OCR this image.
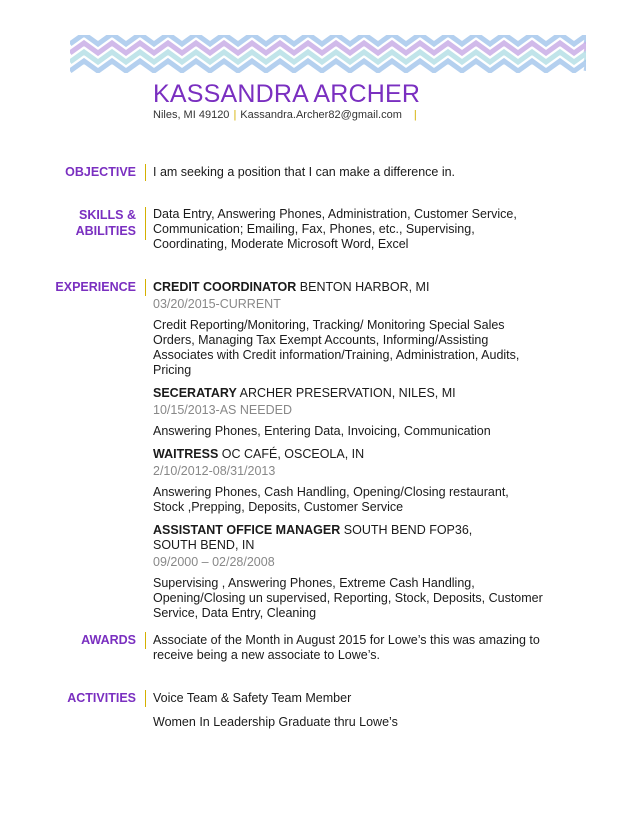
KASSANDRA ARCHER
Niles, MI 49120 | Kassandra.Archer82@gmail.com |
OBJECTIVE I am seeking a position that I can make a difference in.
SKILLS &
ABILITIES
Data Entry, Answering Phones, Administration, Customer Service, Communication; Emailing, Fax, Phones, etc., Supervising, Coordinating, Moderate Microsoft Word, Excel
EXPERIENCE CREDIT COORDINATOR BENTON HARBOR, MI
03/20/2015-CURRENT
Credit Reporting/Monitoring, Tracking/ Monitoring Special Sales Orders, Managing Tax Exempt Accounts, Informing/Assisting Associates with Credit information/Training, Administration, Audits, Pricing
SECERATARY ARCHER PRESERVATION, NILES, MI
10/15/2013-AS NEEDED
Answering Phones, Entering Data, Invoicing, Communication
WAITRESS OC CAFÉ, OSCEOLA, IN
2/10/2012-08/31/2013
Answering Phones, Cash Handling, Opening/Closing restaurant, Stock ,Prepping, Deposits, Customer Service
ASSISTANT OFFICE MANAGER SOUTH BEND FOP36, SOUTH BEND, IN
09/2000 – 02/28/2008
Supervising , Answering Phones, Extreme Cash Handling, Opening/Closing un supervised, Reporting, Stock, Deposits, Customer Service, Data Entry, Cleaning
AWARDS Associate of the Month in August 2015 for Lowe’s this was amazing to receive being a new associate to Lowe’s.
ACTIVITIES Voice Team & Safety Team Member
Women In Leadership Graduate thru Lowe’s
